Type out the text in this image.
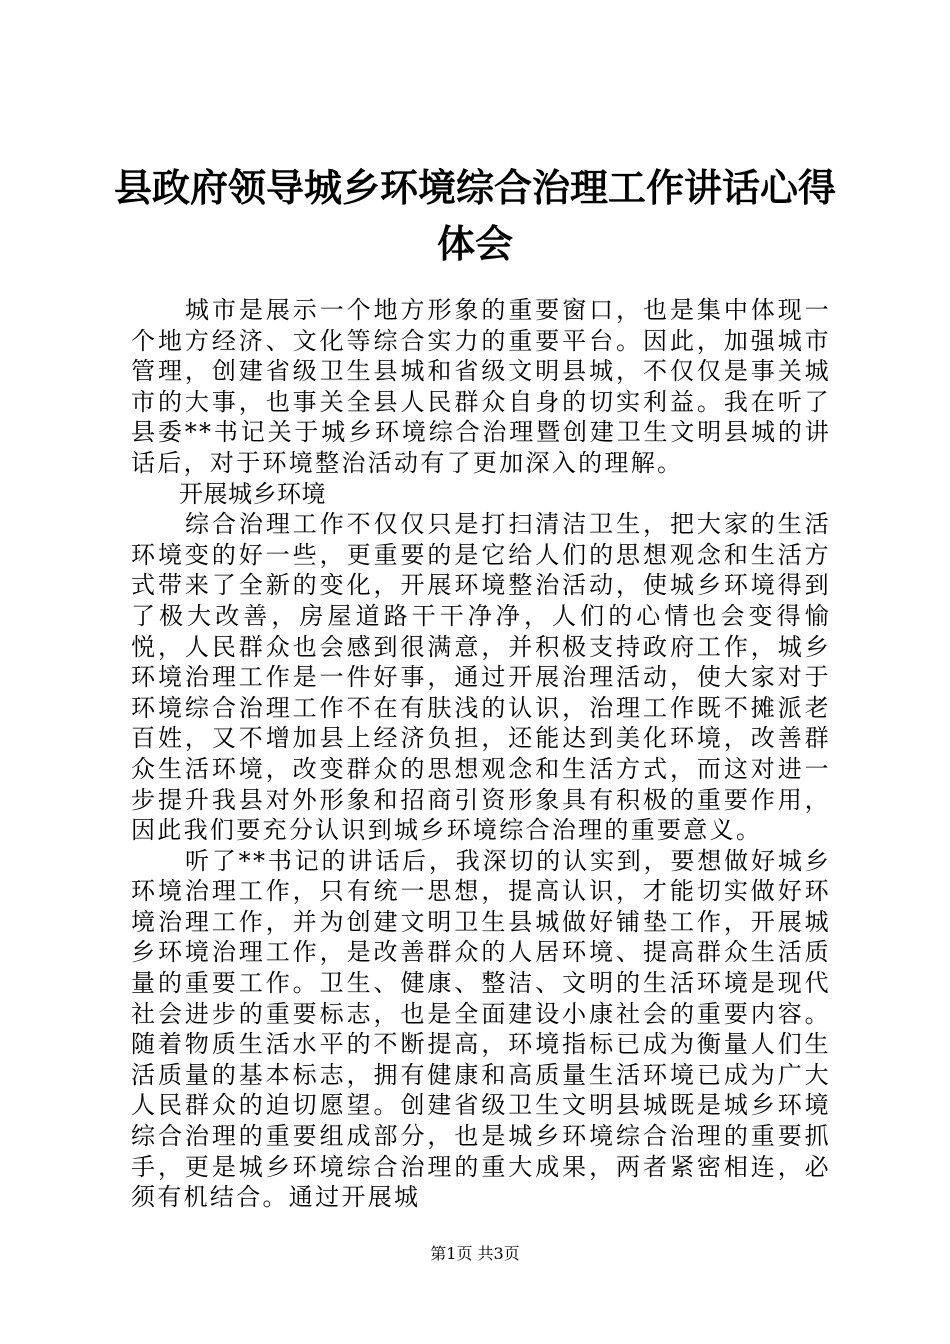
县政府领导城乡环境综合治理工作讲话心得体会

城市是展示一个地方形象的重要窗口，也是集中体现一个地方经济、文化等综合实力的重要平台。因此，加强城市管理，创建省级卫生县城和省级文明县城，不仅仅是事关城市的大事，也事关全县人民群众自身的切实利益。我在听了县委**书记关于城乡环境综合治理暨创建卫生文明县城的讲话后，对于环境整治活动有了更加深入的理解。

开展城乡环境

综合治理工作不仅仅只是打扫清洁卫生，把大家的生活环境变的好一些，更重要的是它给人们的思想观念和生活方式带来了全新的变化，开展环境整治活动，使城乡环境得到了极大改善，房屋道路干干净净，人们的心情也会变得愉悦，人民群众也会感到很满意，并积极支持政府工作，城乡环境治理工作是一件好事，通过开展治理活动，使大家对于环境综合治理工作不在有肤浅的认识，治理工作既不摊派老百姓，又不增加县上经济负担，还能达到美化环境，改善群众生活环境，改变群众的思想观念和生活方式，而这对进一步提升我县对外形象和招商引资形象具有积极的重要作用，因此我们要充分认识到城乡环境综合治理的重要意义。

听了**书记的讲话后，我深切的认实到，要想做好城乡环境治理工作，只有统一思想，提高认识，才能切实做好环境治理工作，并为创建文明卫生县城做好铺垫工作，开展城乡环境治理工作，是改善群众的人居环境、提高群众生活质量的重要工作。卫生、健康、整洁、文明的生活环境是现代社会进步的重要标志，也是全面建设小康社会的重要内容。随着物质生活水平的不断提高，环境指标已成为衡量人们生活质量的基本标志，拥有健康和高质量生活环境已成为广大人民群众的迫切愿望。创建省级卫生文明县城既是城乡环境综合治理的重要组成部分，也是城乡环境综合治理的重要抓手，更是城乡环境综合治理的重大成果，两者紧密相连，必须有机结合。通过开展城

第1页 共3页
